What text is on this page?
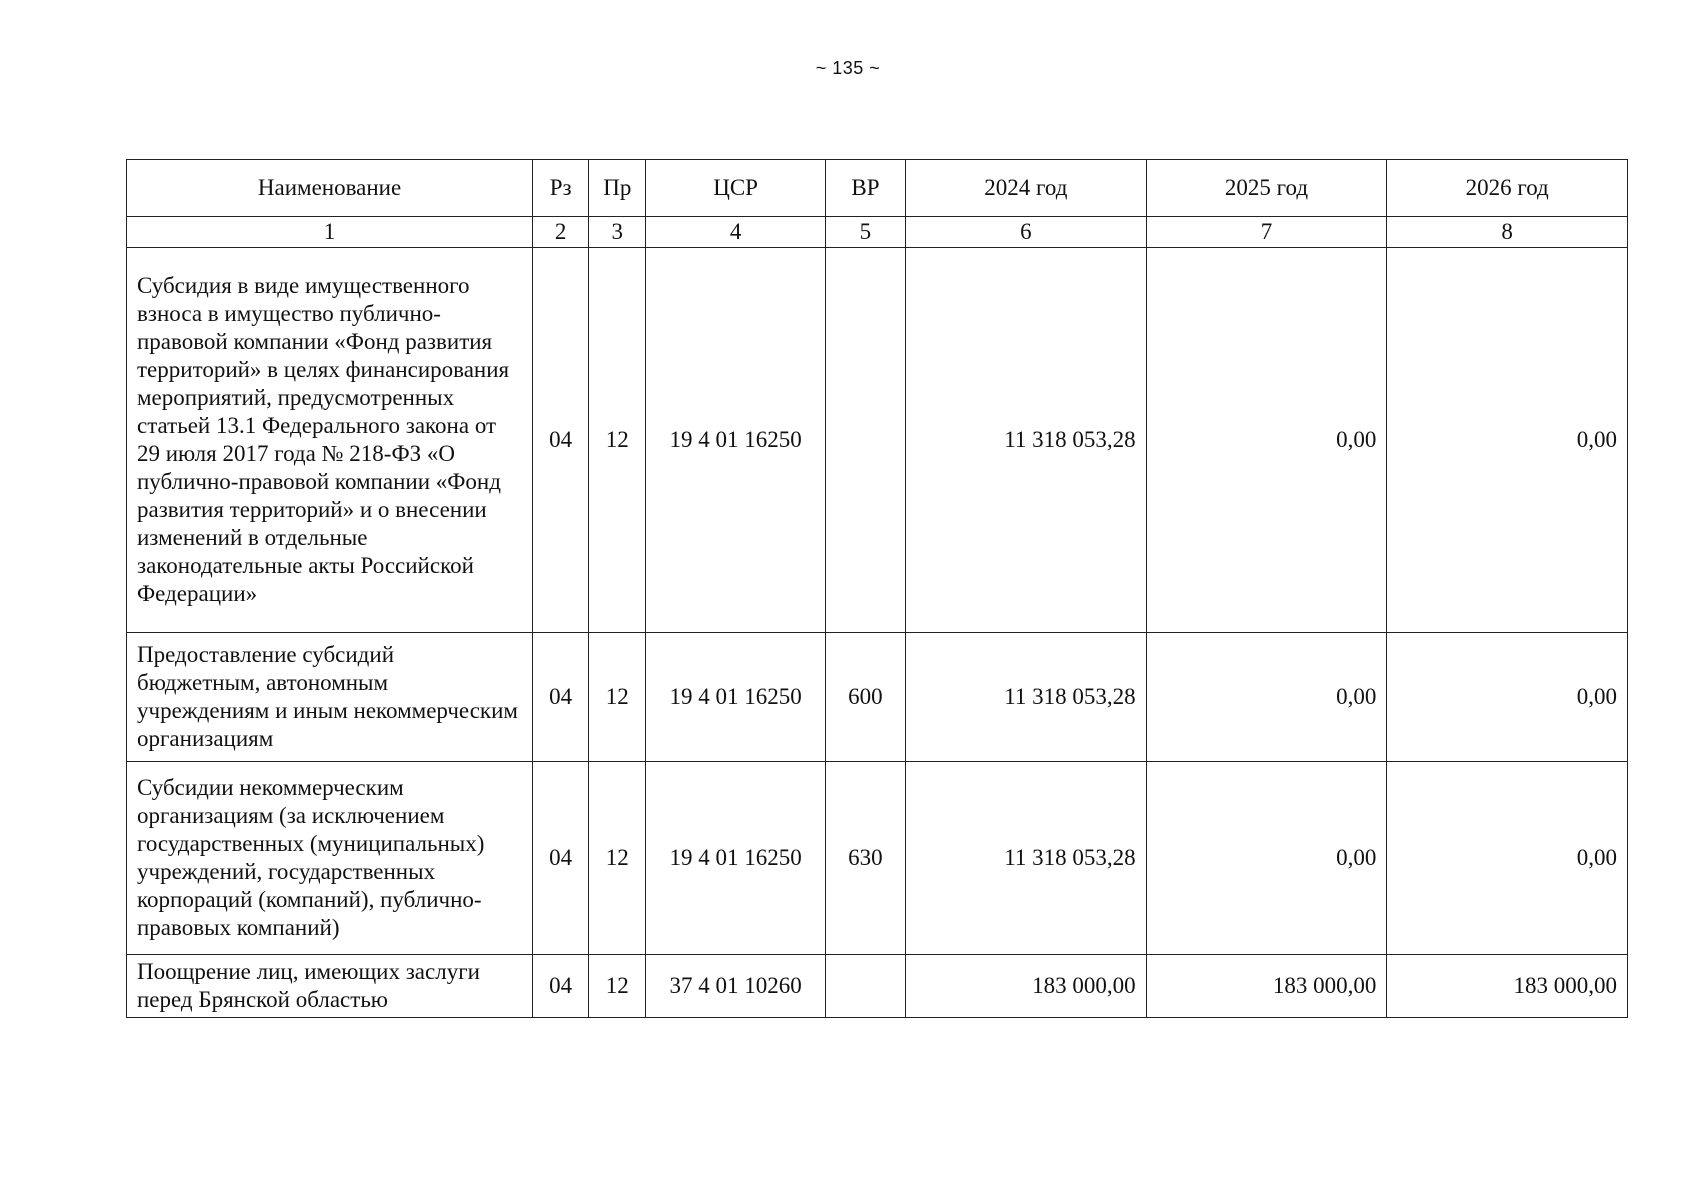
~ 135 ~
Наименование	Рз	Пр	ЦСР	ВР	2024 год	2025 год	2026 год
1	2	3	4	5	6	7	8
Субсидия в виде имущественного взноса в имущество публично-правовой компании «Фонд развития территорий» в целях финансирования мероприятий, предусмотренных статьей 13.1 Федерального закона от 29 июля 2017 года № 218-ФЗ «О публично-правовой компании «Фонд развития территорий» и о внесении изменений в отдельные законодательные акты Российской Федерации»	04	12	19 4 01 16250		11 318 053,28	0,00	0,00
Предоставление субсидий бюджетным, автономным учреждениям и иным некоммерческим организациям	04	12	19 4 01 16250	600	11 318 053,28	0,00	0,00
Субсидии некоммерческим организациям (за исключением государственных (муниципальных) учреждений, государственных корпораций (компаний), публично-правовых компаний)	04	12	19 4 01 16250	630	11 318 053,28	0,00	0,00
Поощрение лиц, имеющих заслуги перед Брянской областью	04	12	37 4 01 10260		183 000,00	183 000,00	183 000,00
